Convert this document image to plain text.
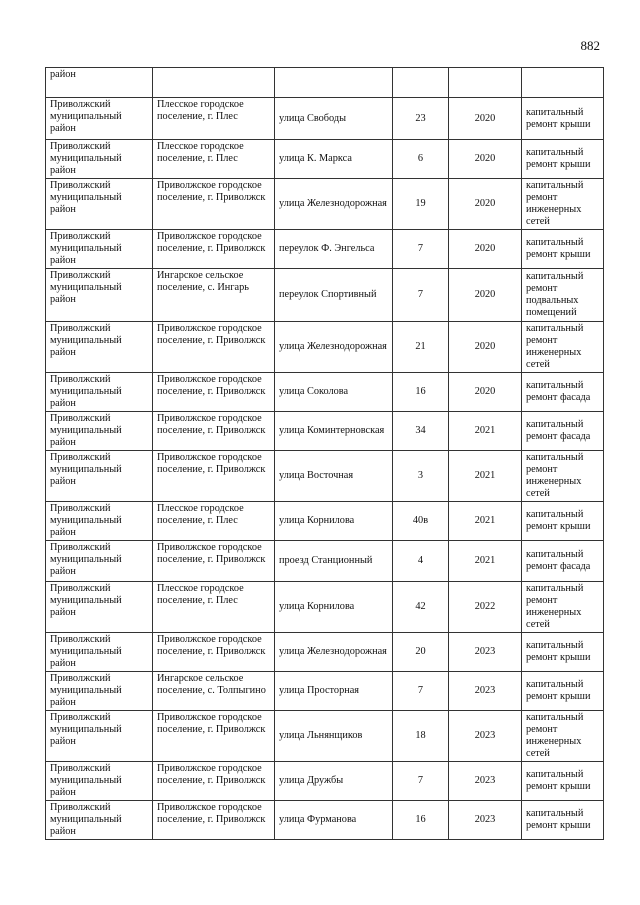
882
район					
Приволжский муниципальный район	Плесское городское поселение, г. Плес	улица Свободы	23	2020	капитальный ремонт крыши
Приволжский муниципальный район	Плесское городское поселение, г. Плес	улица К. Маркса	6	2020	капитальный ремонт крыши
Приволжский муниципальный район	Приволжское городское поселение, г. Приволжск	улица Железнодорожная	19	2020	капитальный ремонт инженерных сетей
Приволжский муниципальный район	Приволжское городское поселение, г. Приволжск	переулок Ф. Энгельса	7	2020	капитальный ремонт крыши
Приволжский муниципальный район	Ингарское сельское поселение, с. Ингарь	переулок Спортивный	7	2020	капитальный ремонт подвальных помещений
Приволжский муниципальный район	Приволжское городское поселение, г. Приволжск	улица Железнодорожная	21	2020	капитальный ремонт инженерных сетей
Приволжский муниципальный район	Приволжское городское поселение, г. Приволжск	улица Соколова	16	2020	капитальный ремонт фасада
Приволжский муниципальный район	Приволжское городское поселение, г. Приволжск	улица Коминтерновская	34	2021	капитальный ремонт фасада
Приволжский муниципальный район	Приволжское городское поселение, г. Приволжск	улица Восточная	3	2021	капитальный ремонт инженерных сетей
Приволжский муниципальный район	Плесское городское поселение, г. Плес	улица Корнилова	40в	2021	капитальный ремонт крыши
Приволжский муниципальный район	Приволжское городское поселение, г. Приволжск	проезд Станционный	4	2021	капитальный ремонт фасада
Приволжский муниципальный район	Плесское городское поселение, г. Плес	улица Корнилова	42	2022	капитальный ремонт инженерных сетей
Приволжский муниципальный район	Приволжское городское поселение, г. Приволжск	улица Железнодорожная	20	2023	капитальный ремонт крыши
Приволжский муниципальный район	Ингарское сельское поселение, с. Толпыгино	улица Просторная	7	2023	капитальный ремонт крыши
Приволжский муниципальный район	Приволжское городское поселение, г. Приволжск	улица Льнянщиков	18	2023	капитальный ремонт инженерных сетей
Приволжский муниципальный район	Приволжское городское поселение, г. Приволжск	улица Дружбы	7	2023	капитальный ремонт крыши
Приволжский муниципальный район	Приволжское городское поселение, г. Приволжск	улица Фурманова	16	2023	капитальный ремонт крыши
